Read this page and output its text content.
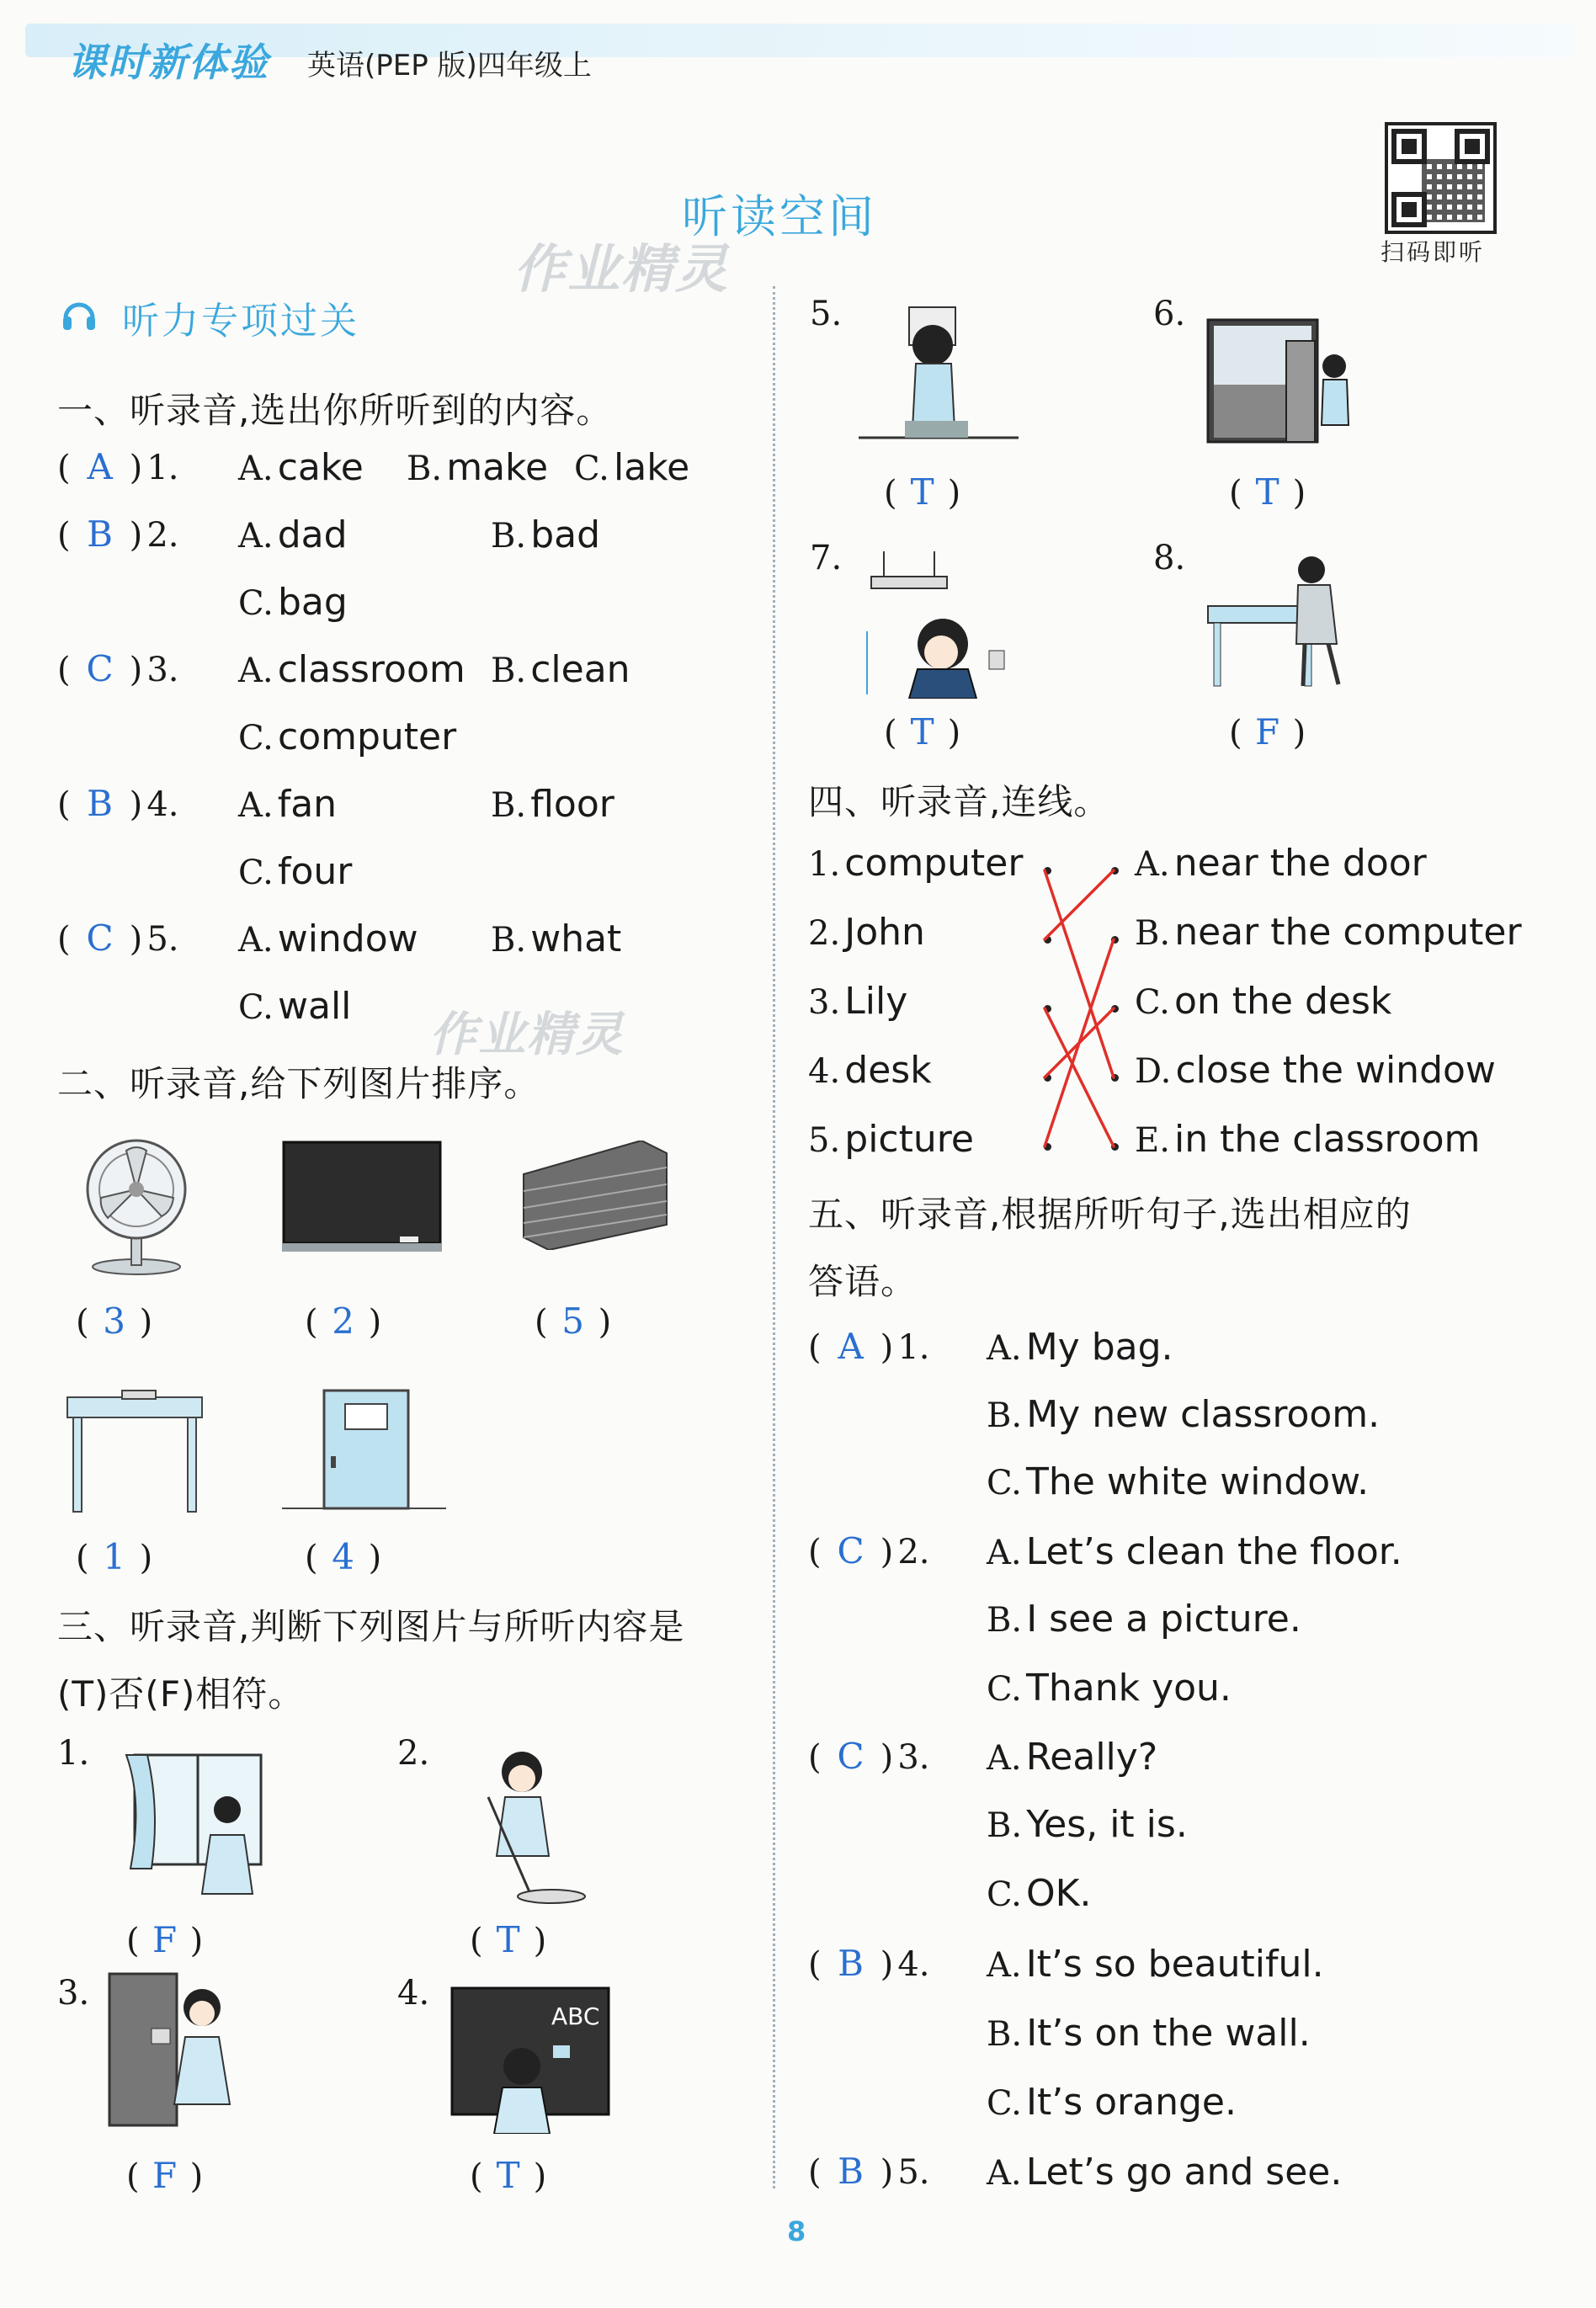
课时新体验 英语(PEP 版)四年级上
扫码即听
听读空间
作业精灵
作业精灵
听力专项过关
一、听录音,选出你所听到的内容。
( A ) 1. A. cake B. make C. lake
( B ) 2. A. dad	B. bad
C. bag
( C ) 3. A. classroom B. clean
C. computer
( B ) 4. A. fan	B. floor
C. four
( C ) 5. A. window B. what
C. wall
二、听录音,给下列图片排序。
( 3 )	( 2 )	( 5 )
( 1 )	( 4 )
三、听录音,判断下列图片与所听内容是
(T)否(F)相符。
1.	2.
( F )	( T )
3.	4.
ABC
( F )	( T )
5.	6.
( T )	( T )
7.	8.
( T )	( F )
四、听录音,连线。
1. computer
2. John
3. Lily
4. desk
5. picture
A. near the door
B. near the computer
C. on the desk
D. close the window
E. in the classroom
五、听录音,根据所听句子,选出相应的
答语。
( A ) 1. A. My bag.
B. My new classroom.
C. The white window.
( C ) 2. A. Let’s clean the floor.
B. I see a picture.
C. Thank you.
( C ) 3. A. Really?
B. Yes, it is.
C. OK.
( B ) 4. A. It’s so beautiful.
B. It’s on the wall.
C. It’s orange.
( B ) 5. A. Let’s go and see.
8
